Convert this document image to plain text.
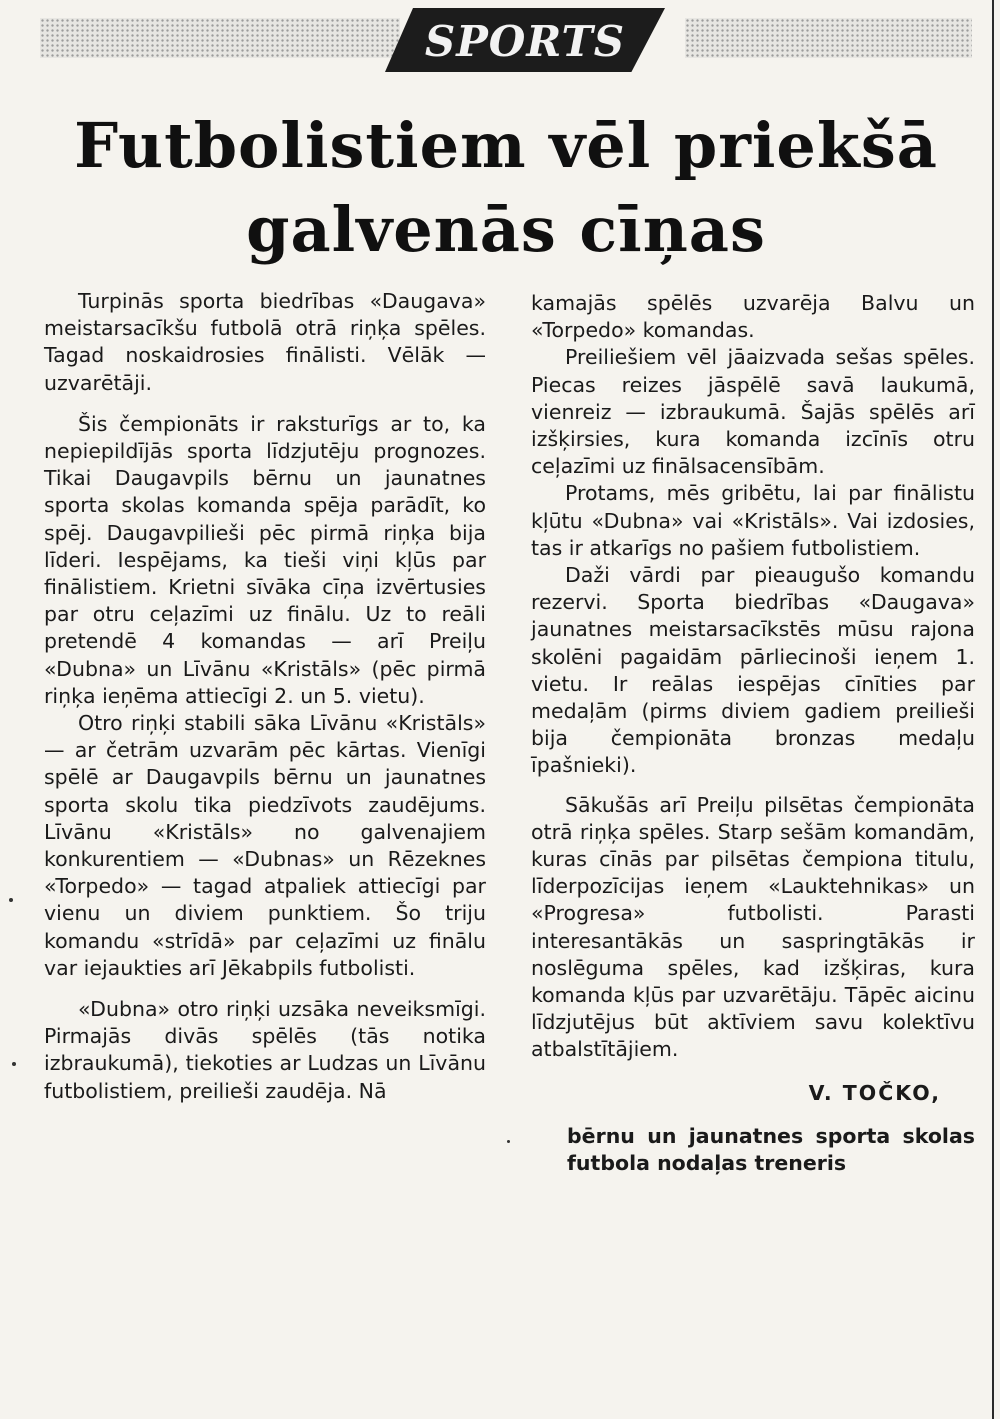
SPORTS
Futbolistiem vēl priekšā
galvenās cīņas

Turpinās sporta biedrības «Daugava» meistarsacīkšu futbolā otrā riņķa spēles. Tagad noskaidrosies finālisti. Vēlāk — uzvarētāji.

Šis čempionāts ir raksturīgs ar to, ka nepiepildījās sporta līdzjutēju prognozes. Tikai Daugavpils bērnu un jaunatnes sporta skolas komanda spēja parādīt, ko spēj. Daugavpilieši pēc pirmā riņķa bija līderi. Iespējams, ka tieši viņi kļūs par finālistiem. Krietni sīvāka cīņa izvērtusies par otru ceļazīmi uz finālu. Uz to reāli pretendē 4 komandas — arī Preiļu «Dubna» un Līvānu «Kristāls» (pēc pirmā riņķa ieņēma attiecīgi 2. un 5. vietu).

Otro riņķi stabili sāka Līvānu «Kristāls» — ar četrām uzvarām pēc kārtas. Vienīgi spēlē ar Daugavpils bērnu un jaunatnes sporta skolu tika piedzīvots zaudējums. Līvānu «Kristāls» no galvenajiem konkurentiem — «Dubnas» un Rēzeknes «Torpedo» — tagad atpaliek attiecīgi par vienu un diviem punktiem. Šo triju komandu «strīdā» par ceļazīmi uz finālu var iejaukties arī Jēkabpils futbolisti.

«Dubna» otro riņķi uzsāka neveiksmīgi. Pirmajās divās spēlēs (tās notika izbraukumā), tiekoties ar Ludzas un Līvānu futbolistiem, preilieši zaudēja. Nā

kamajās spēlēs uzvarēja Balvu un «Torpedo» komandas.

Preiliešiem vēl jāaizvada sešas spēles. Piecas reizes jāspēlē savā laukumā, vienreiz — izbraukumā. Šajās spēlēs arī izšķirsies, kura komanda izcīnīs otru ceļazīmi uz finālsacensībām.

Protams, mēs gribētu, lai par finālistu kļūtu «Dubna» vai «Kristāls». Vai izdosies, tas ir atkarīgs no pašiem futbolistiem.

Daži vārdi par pieaugušo komandu rezervi. Sporta biedrības «Daugava» jaunatnes meistarsacīkstēs mūsu rajona skolēni pagaidām pārliecinoši ieņem 1. vietu. Ir reālas iespējas cīnīties par medaļām (pirms diviem gadiem preilieši bija čempionāta bronzas medaļu īpašnieki).

Sākušās arī Preiļu pilsētas čempionāta otrā riņķa spēles. Starp sešām komandām, kuras cīnās par pilsētas čempiona titulu, līderpozīcijas ieņem «Lauktehnikas» un «Progresa» futbolisti. Parasti interesantākās un saspringtākās ir noslēguma spēles, kad izšķiras, kura komanda kļūs par uzvarētāju. Tāpēc aicinu līdzjutējus būt aktīviem savu kolektīvu atbalstītājiem.

V. TOČKO,
bērnu un jaunatnes sporta skolas futbola nodaļas treneris
